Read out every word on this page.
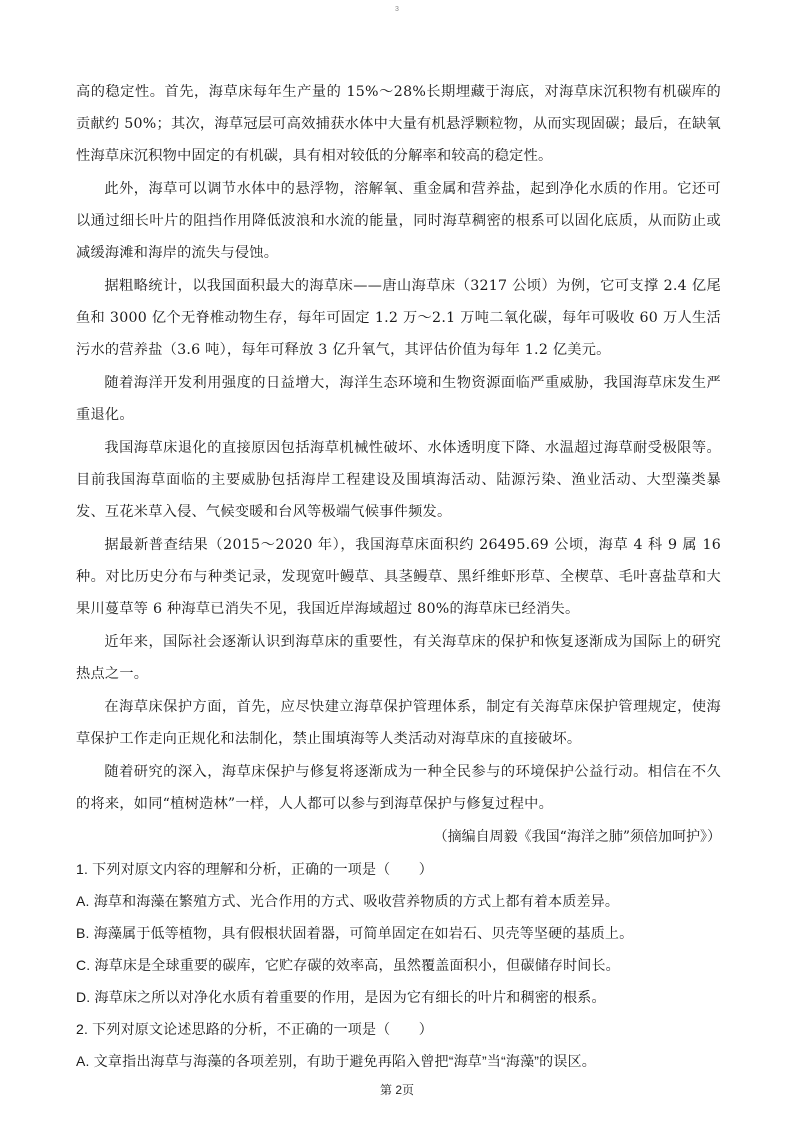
3

高的稳定性。首先，海草床每年生产量的 15%～28%长期埋藏于海底，对海草床沉积物有机碳库的贡献约 50%；其次，海草冠层可高效捕获水体中大量有机悬浮颗粒物，从而实现固碳；最后，在缺氧性海草床沉积物中固定的有机碳，具有相对较低的分解率和较高的稳定性。

此外，海草可以调节水体中的悬浮物，溶解氧、重金属和营养盐，起到净化水质的作用。它还可以通过细长叶片的阻挡作用降低波浪和水流的能量，同时海草稠密的根系可以固化底质，从而防止或减缓海滩和海岸的流失与侵蚀。

据粗略统计，以我国面积最大的海草床——唐山海草床（3217 公顷）为例，它可支撑 2.4 亿尾鱼和 3000 亿个无脊椎动物生存，每年可固定 1.2 万～2.1 万吨二氧化碳，每年可吸收 60 万人生活污水的营养盐（3.6 吨），每年可释放 3 亿升氧气，其评估价值为每年 1.2 亿美元。

随着海洋开发利用强度的日益增大，海洋生态环境和生物资源面临严重威胁，我国海草床发生严重退化。

我国海草床退化的直接原因包括海草机械性破坏、水体透明度下降、水温超过海草耐受极限等。目前我国海草面临的主要威胁包括海岸工程建设及围填海活动、陆源污染、渔业活动、大型藻类暴发、互花米草入侵、气候变暖和台风等极端气候事件频发。

据最新普查结果（2015～2020 年），我国海草床面积约 26495.69 公顷，海草 4 科 9 属 16 种。对比历史分布与种类记录，发现宽叶鳗草、具茎鳗草、黑纤维虾形草、全楔草、毛叶喜盐草和大果川蔓草等 6 种海草已消失不见，我国近岸海域超过 80%的海草床已经消失。

近年来，国际社会逐渐认识到海草床的重要性，有关海草床的保护和恢复逐渐成为国际上的研究热点之一。

在海草床保护方面，首先，应尽快建立海草保护管理体系，制定有关海草床保护管理规定，使海草保护工作走向正规化和法制化，禁止围填海等人类活动对海草床的直接破坏。

随着研究的深入，海草床保护与修复将逐渐成为一种全民参与的环境保护公益行动。相信在不久的将来，如同“植树造林”一样，人人都可以参与到海草保护与修复过程中。

（摘编自周毅《我国“海洋之肺”须倍加呵护》）

1. 下列对原文内容的理解和分析，正确的一项是（　　）

A. 海草和海藻在繁殖方式、光合作用的方式、吸收营养物质的方式上都有着本质差异。

B. 海藻属于低等植物，具有假根状固着器，可简单固定在如岩石、贝壳等坚硬的基质上。

C. 海草床是全球重要的碳库，它贮存碳的效率高，虽然覆盖面积小，但碳储存时间长。

D. 海草床之所以对净化水质有着重要的作用，是因为它有细长的叶片和稠密的根系。

2. 下列对原文论述思路的分析，不正确的一项是（　　）

A. 文章指出海草与海藻的各项差别，有助于避免再陷入曾把“海草”当“海藻”的误区。

第 2页
